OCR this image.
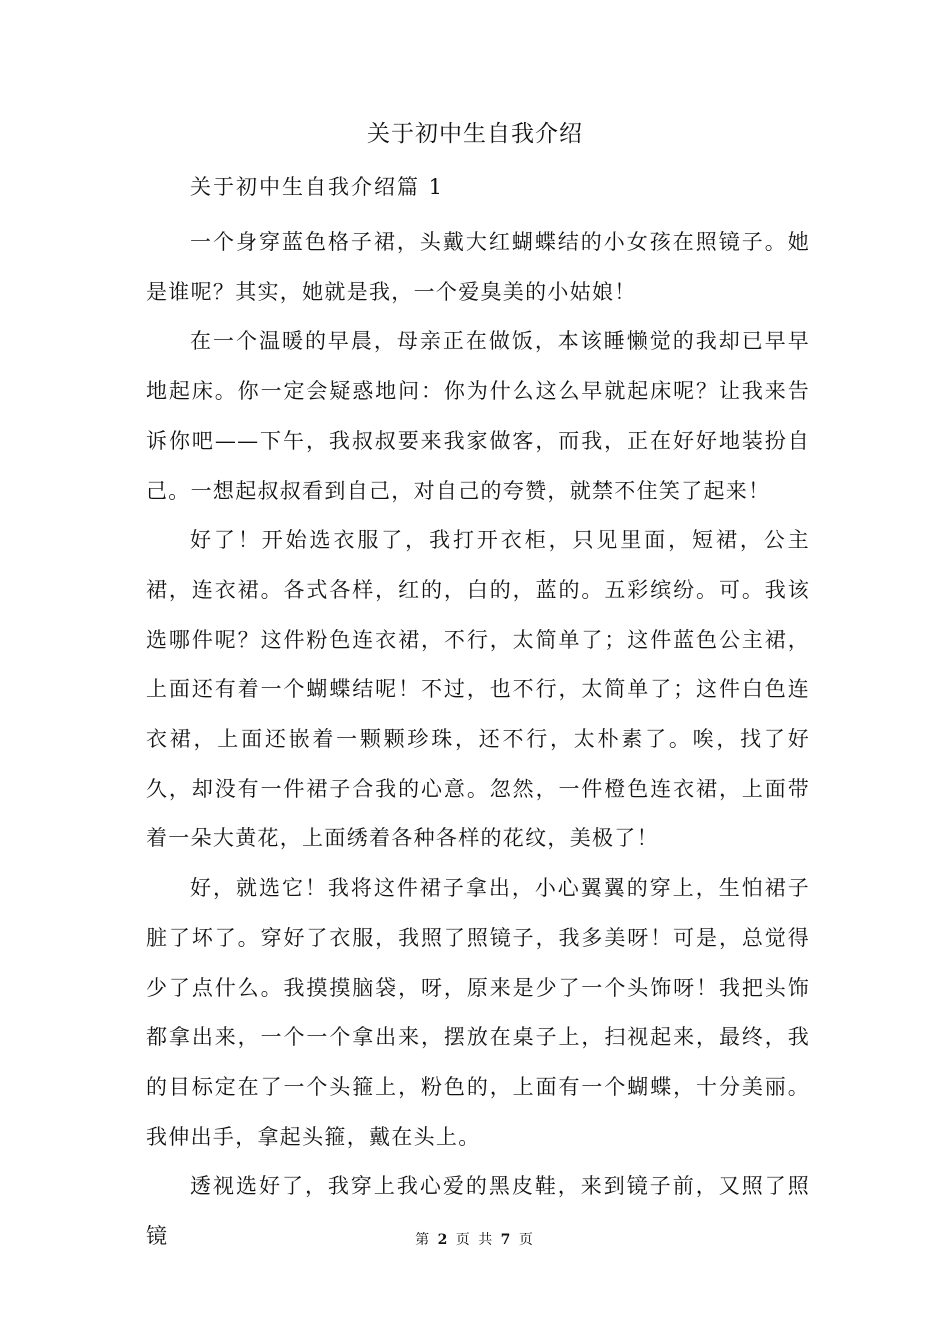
关于初中生自我介绍
关于初中生自我介绍篇 1

一个身穿蓝色格子裙，头戴大红蝴蝶结的小女孩在照镜子。她是谁呢？其实，她就是我，一个爱臭美的小姑娘！

在一个温暖的早晨，母亲正在做饭，本该睡懒觉的我却已早早地起床。你一定会疑惑地问：你为什么这么早就起床呢？让我来告诉你吧——下午，我叔叔要来我家做客，而我，正在好好地装扮自己。一想起叔叔看到自己，对自己的夸赞，就禁不住笑了起来！

好了！开始选衣服了，我打开衣柜，只见里面，短裙，公主裙，连衣裙。各式各样，红的，白的，蓝的。五彩缤纷。可。我该选哪件呢？这件粉色连衣裙，不行，太简单了；这件蓝色公主裙，上面还有着一个蝴蝶结呢！不过，也不行，太简单了；这件白色连衣裙，上面还嵌着一颗颗珍珠，还不行，太朴素了。唉，找了好久，却没有一件裙子合我的心意。忽然，一件橙色连衣裙，上面带着一朵大黄花，上面绣着各种各样的花纹，美极了！

好，就选它！我将这件裙子拿出，小心翼翼的穿上，生怕裙子脏了坏了。穿好了衣服，我照了照镜子，我多美呀！可是，总觉得少了点什么。我摸摸脑袋，呀，原来是少了一个头饰呀！我把头饰都拿出来，一个一个拿出来，摆放在桌子上，扫视起来，最终，我的目标定在了一个头箍上，粉色的，上面有一个蝴蝶，十分美丽。我伸出手，拿起头箍，戴在头上。

透视选好了，我穿上我心爱的黑皮鞋，来到镜子前，又照了照镜	第 2 页 共 7 页
